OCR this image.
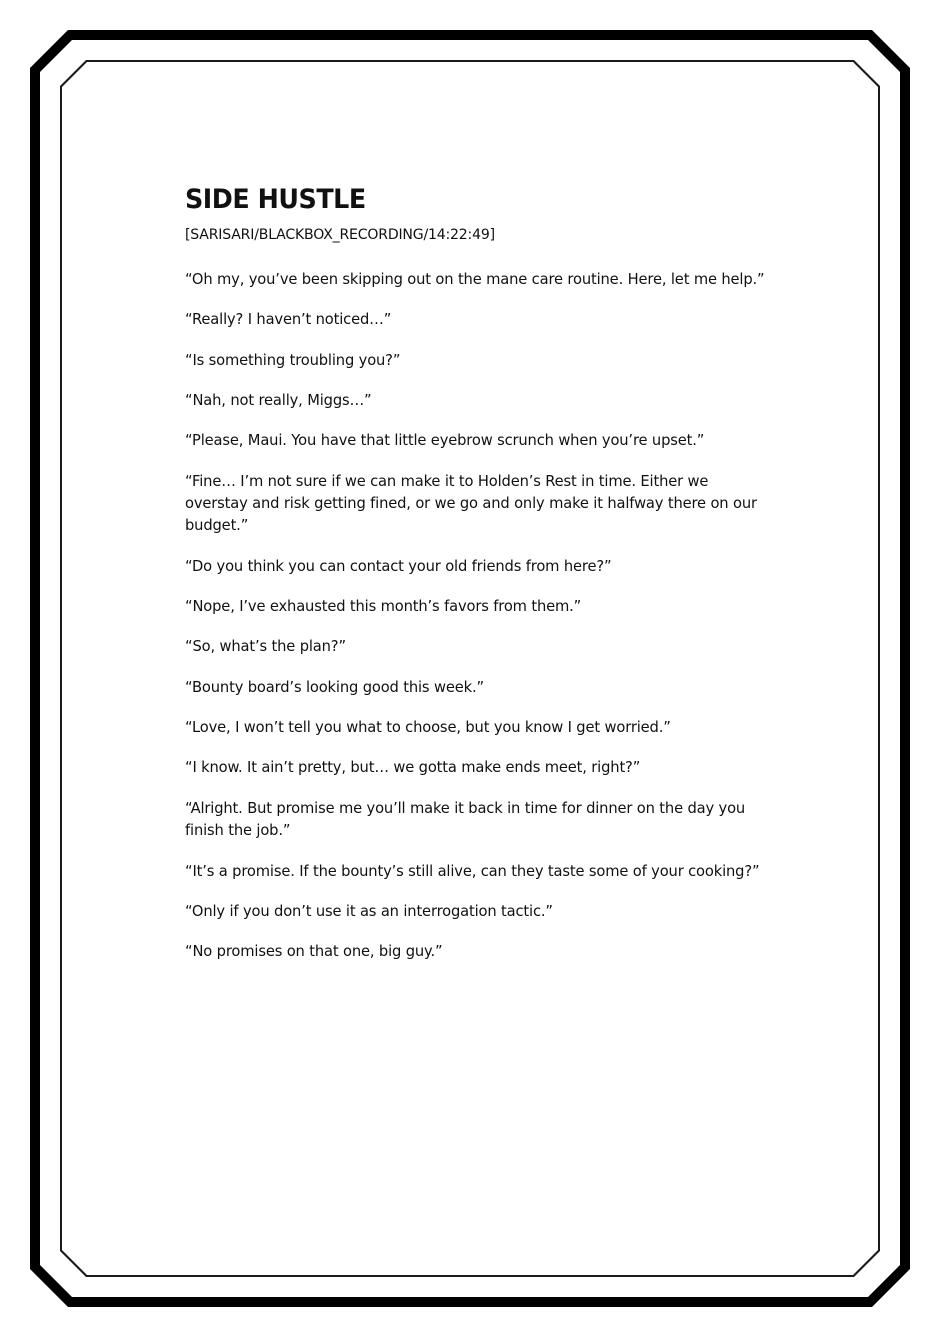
SIDE HUSTLE
[SARISARI/BLACKBOX_RECORDING/14:22:49]

“Oh my, you’ve been skipping out on the mane care routine. Here, let me help.”

“Really? I haven’t noticed…”

“Is something troubling you?”

“Nah, not really, Miggs…”

“Please, Maui. You have that little eyebrow scrunch when you’re upset.”

“Fine… I’m not sure if we can make it to Holden’s Rest in time. Either we overstay and risk getting fined, or we go and only make it halfway there on our budget.”

“Do you think you can contact your old friends from here?”

“Nope, I’ve exhausted this month’s favors from them.”

“So, what’s the plan?”

“Bounty board’s looking good this week.”

“Love, I won’t tell you what to choose, but you know I get worried.”

“I know. It ain’t pretty, but… we gotta make ends meet, right?”

“Alright. But promise me you’ll make it back in time for dinner on the day you finish the job.”

“It’s a promise. If the bounty’s still alive, can they taste some of your cooking?”

“Only if you don’t use it as an interrogation tactic.”

“No promises on that one, big guy.”
